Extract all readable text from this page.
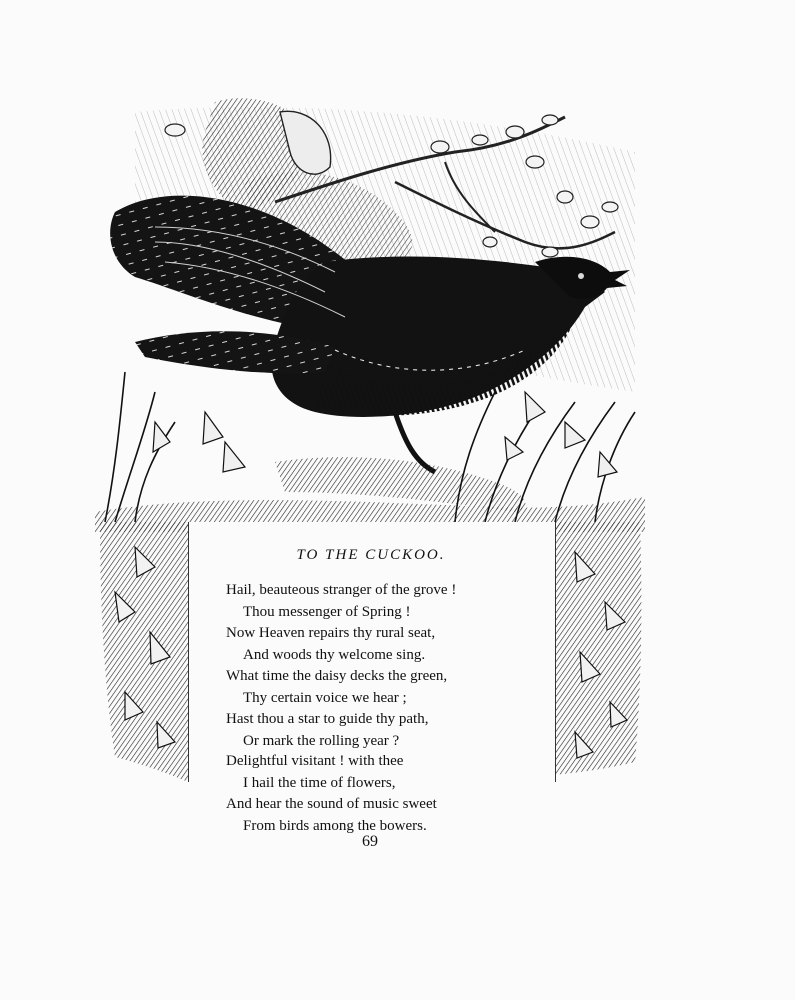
TO THE CUCKOO.
Hail, beauteous stranger of the grove !
Thou messenger of Spring !
Now Heaven repairs thy rural seat,
And woods thy welcome sing.
What time the daisy decks the green,
Thy certain voice we hear ;
Hast thou a star to guide thy path,
Or mark the rolling year ?
Delightful visitant ! with thee
I hail the time of flowers,
And hear the sound of music sweet
From birds among the bowers.
69
